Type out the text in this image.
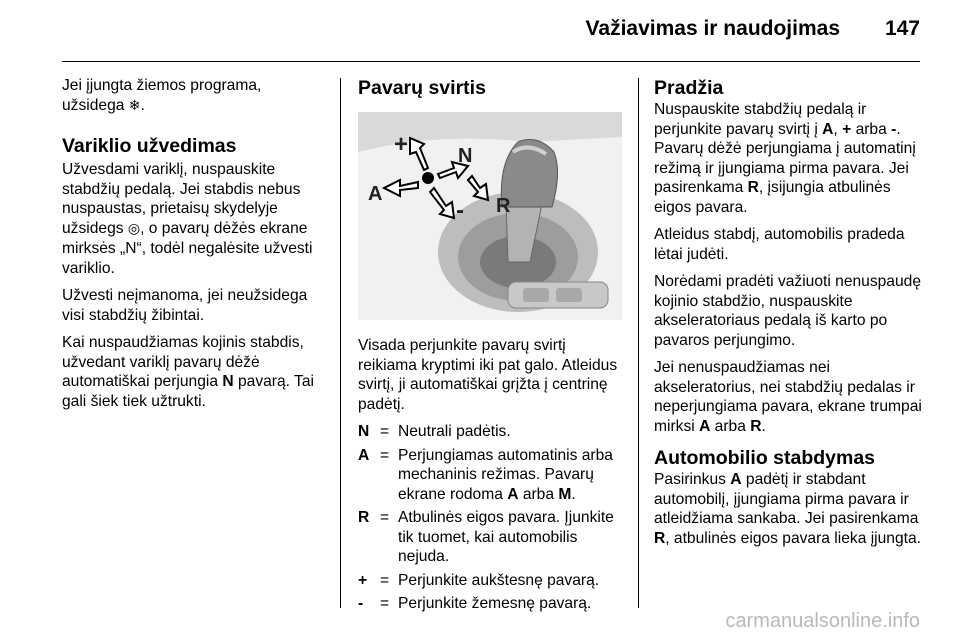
Važiavimas ir naudojimas 147

Jei įjungta žiemos programa,
užsidega ❄.

Variklio užvedimas

Užvesdami variklį, nuspauskite stabdžių pedalą. Jei stabdis nebus nuspaustas, prietaisų skydelyje užsidegs ◎, o pavarų dėžės ekrane mirksės „N“, todėl negalėsite užvesti variklio.

Užvesti neįmanoma, jei neužsidega visi stabdžių žibintai.

Kai nuspaudžiamas kojinis stabdis, užvedant variklį pavarų dėžė automatiškai perjungia N pavarą. Tai gali šiek tiek užtrukti.

Pavarų svirtis
+
-
N
A
R

Visada perjunkite pavarų svirtį reikiama kryptimi iki pat galo. Atleidus svirtį, ji automatiškai grįžta į centrinę padėtį.

N	=	Neutrali padėtis.
A	=	Perjungiamas automatinis arba mechaninis režimas. Pavarų ekrane rodoma A arba M.
R	=	Atbulinės eigos pavara. Įjunkite tik tuomet, kai automobilis nejuda.
+	=	Perjunkite aukštesnę pavarą.
-	=	Perjunkite žemesnę pavarą.
Pradžia

Nuspauskite stabdžių pedalą ir perjunkite pavarų svirtį į A, + arba -. Pavarų dėžė perjungiama į automatinį režimą ir įjungiama pirma pavara. Jei pasirenkama R, įsijungia atbulinės eigos pavara.

Atleidus stabdį, automobilis pradeda lėtai judėti.

Norėdami pradėti važiuoti nenuspaudę kojinio stabdžio, nuspauskite akseleratoriaus pedalą iš karto po pavaros perjungimo.

Jei nenuspaudžiamas nei akseleratorius, nei stabdžių pedalas ir neperjungiama pavara, ekrane trumpai mirksi A arba R.

Automobilio stabdymas

Pasirinkus A padėtį ir stabdant automobilį, įjungiama pirma pavara ir atleidžiama sankaba. Jei pasirenkama R, atbulinės eigos pavara lieka įjungta.

carmanualsonline.info
